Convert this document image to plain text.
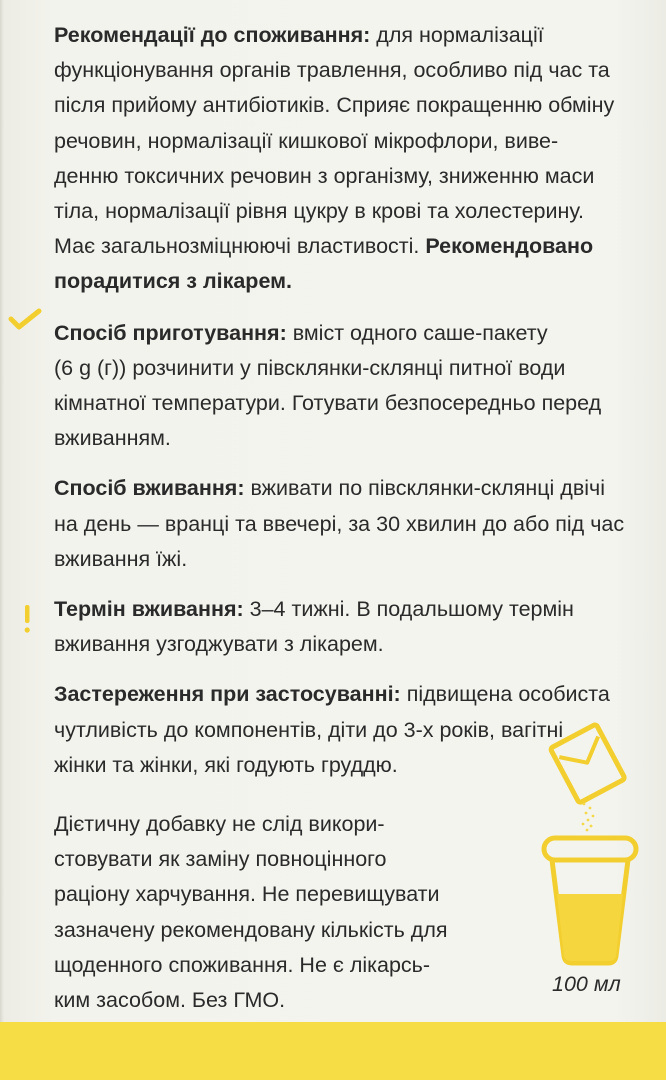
Рекомендації до споживання: для нормалізації

функціонування органів травлення, особливо під час та

після прийому антибіотиків. Сприяє покращенню обміну

речовин, нормалізації кишкової мікрофлори, виве-

денню токсичних речовин з організму, зниженню маси

тіла, нормалізації рівня цукру в крові та холестерину.

Має загальнозміцнюючі властивості. Рекомендовано

порадитися з лікарем.

Спосіб приготування: вміст одного саше-пакету

(6 g (г)) розчинити у півсклянки-склянці питної води

кімнатної температури. Готувати безпосередньо перед

вживанням.

Спосіб вживання: вживати по півсклянки-склянці двічі

на день — вранці та ввечері, за 30 хвилин до або під час

вживання їжі.

Термін вживання: 3–4 тижні. В подальшому термін

вживання узгоджувати з лікарем.

Застереження при застосуванні: підвищена особиста

чутливість до компонентів, діти до 3-х років, вагітні

жінки та жінки, які годують груддю.

Дієтичну добавку не слід викори-

стовувати як заміну повноцінного

раціону харчування. Не перевищувати

зазначену рекомендовану кількість для

щоденного споживання. Не є лікарсь-

ким засобом. Без ГМО.

100 мл
